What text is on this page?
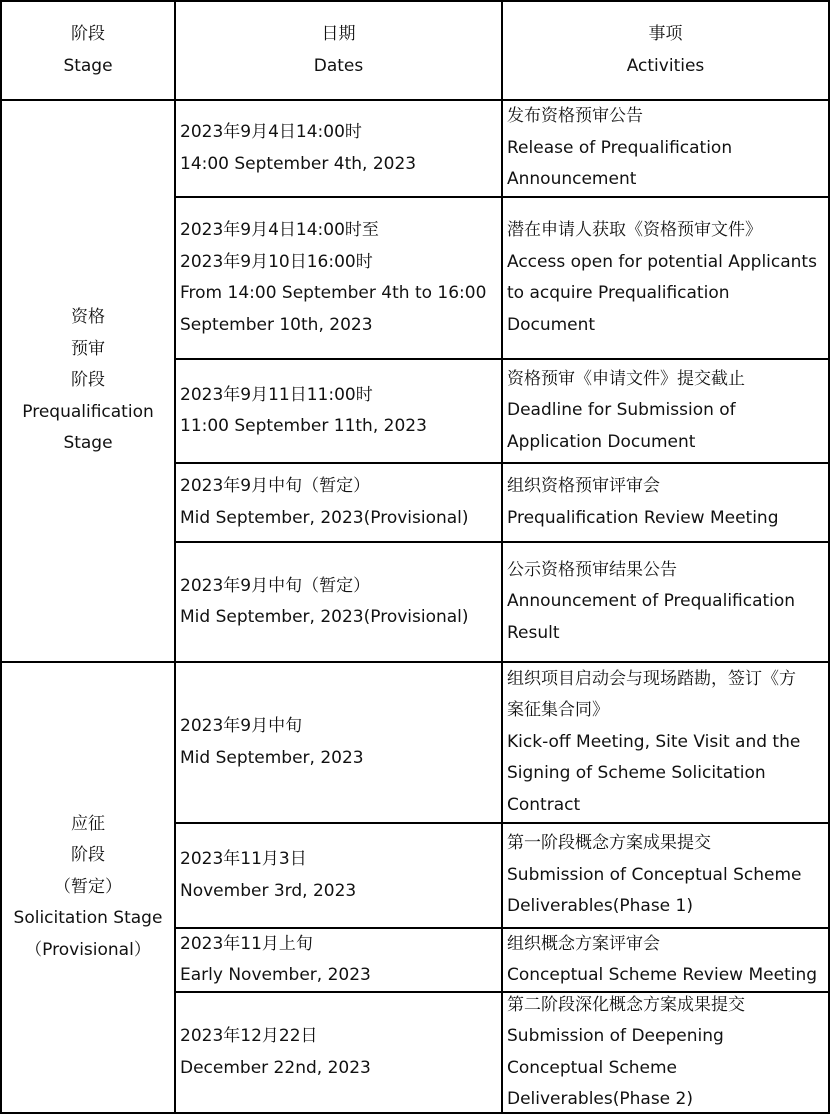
阶段
Stage
日期
Dates
事项
Activities
资格
预审
阶段
Prequalification
Stage
2023年9月4日14:00时
14:00 September 4th, 2023
发布资格预审公告
Release of Prequalification
Announcement
2023年9月4日14:00时至
2023年9月10日16:00时
From 14:00 September 4th to 16:00
September 10th, 2023
潜在申请人获取《资格预审文件》
Access open for potential Applicants
to acquire Prequalification
Document
2023年9月11日11:00时
11:00 September 11th, 2023
资格预审《申请文件》提交截止
Deadline for Submission of
Application Document
2023年9月中旬（暂定）
Mid September, 2023(Provisional)
组织资格预审评审会
Prequalification Review Meeting
2023年9月中旬（暂定）
Mid September, 2023(Provisional)
公示资格预审结果公告
Announcement of Prequalification
Result
应征
阶段
（暂定）
Solicitation Stage
（Provisional）
2023年9月中旬
Mid September, 2023
组织项目启动会与现场踏勘，签订《方
案征集合同》
Kick-off Meeting, Site Visit and the
Signing of Scheme Solicitation
Contract
2023年11月3日
November 3rd, 2023
第一阶段概念方案成果提交
Submission of Conceptual Scheme
Deliverables(Phase 1)
2023年11月上旬
Early November, 2023
组织概念方案评审会
Conceptual Scheme Review Meeting
2023年12月22日
December 22nd, 2023
第二阶段深化概念方案成果提交
Submission of Deepening
Conceptual Scheme
Deliverables(Phase 2)
